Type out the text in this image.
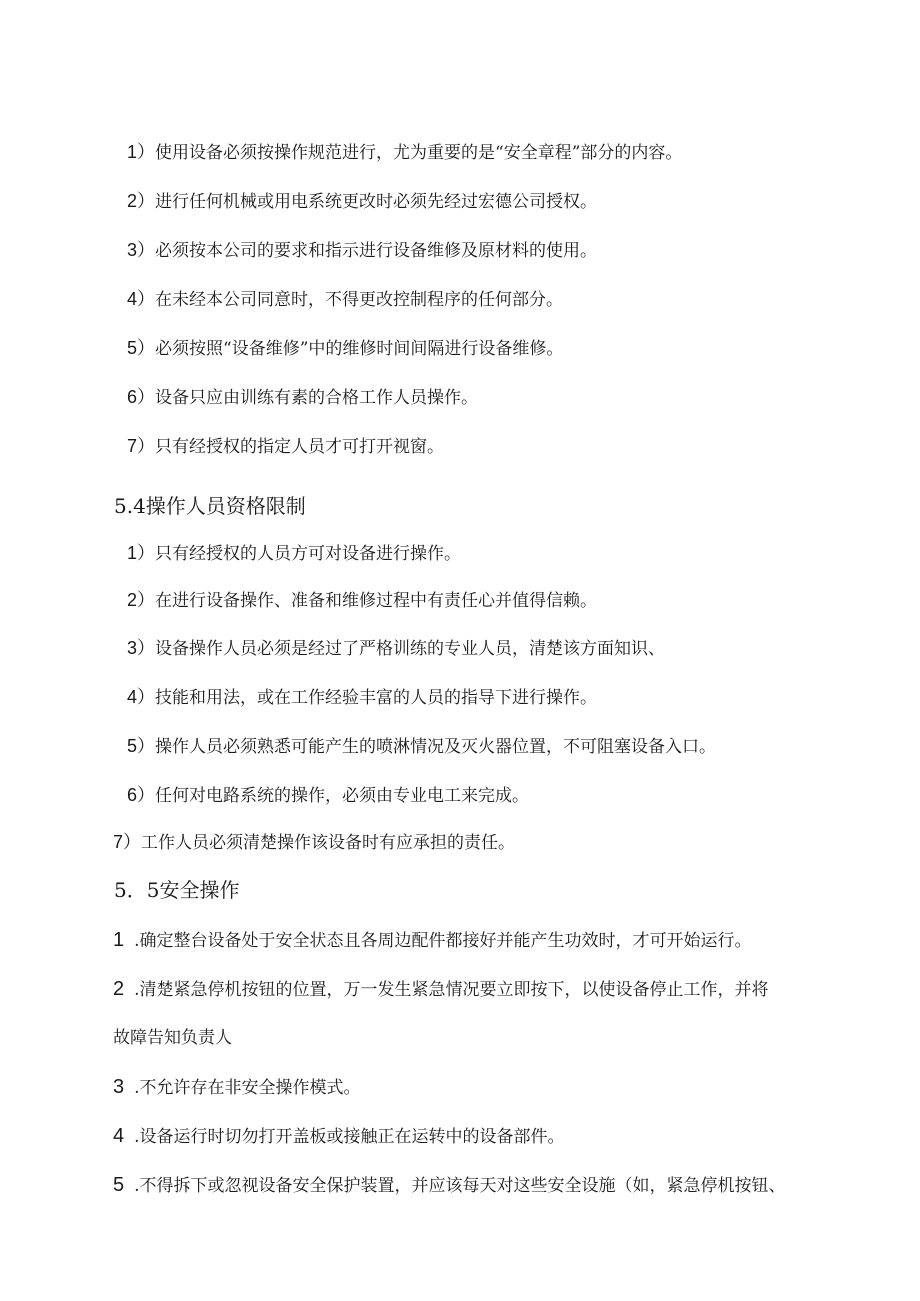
1）使用设备必须按操作规范进行，尤为重要的是“安全章程”部分的内容。
2）进行任何机械或用电系统更改时必须先经过宏德公司授权。
3）必须按本公司的要求和指示进行设备维修及原材料的使用。
4）在未经本公司同意时，不得更改控制程序的任何部分。
5）必须按照“设备维修”中的维修时间间隔进行设备维修。
6）设备只应由训练有素的合格工作人员操作。
7）只有经授权的指定人员才可打开视窗。
5.4操作人员资格限制
1）只有经授权的人员方可对设备进行操作。
2）在进行设备操作、准备和维修过程中有责任心并值得信赖。
3）设备操作人员必须是经过了严格训练的专业人员，清楚该方面知识、
4）技能和用法，或在工作经验丰富的人员的指导下进行操作。
5）操作人员必须熟悉可能产生的喷淋情况及灭火器位置，不可阻塞设备入口。
6）任何对电路系统的操作，必须由专业电工来完成。
7）工作人员必须清楚操作该设备时有应承担的责任。
5．5安全操作
1 .确定整台设备处于安全状态且各周边配件都接好并能产生功效时，才可开始运行。
2 .清楚紧急停机按钮的位置，万一发生紧急情况要立即按下，以使设备停止工作，并将
故障告知负责人
3 .不允许存在非安全操作模式。
4 .设备运行时切勿打开盖板或接触正在运转中的设备部件。
5 .不得拆下或忽视设备安全保护装置，并应该每天对这些安全设施（如，紧急停机按钮、
